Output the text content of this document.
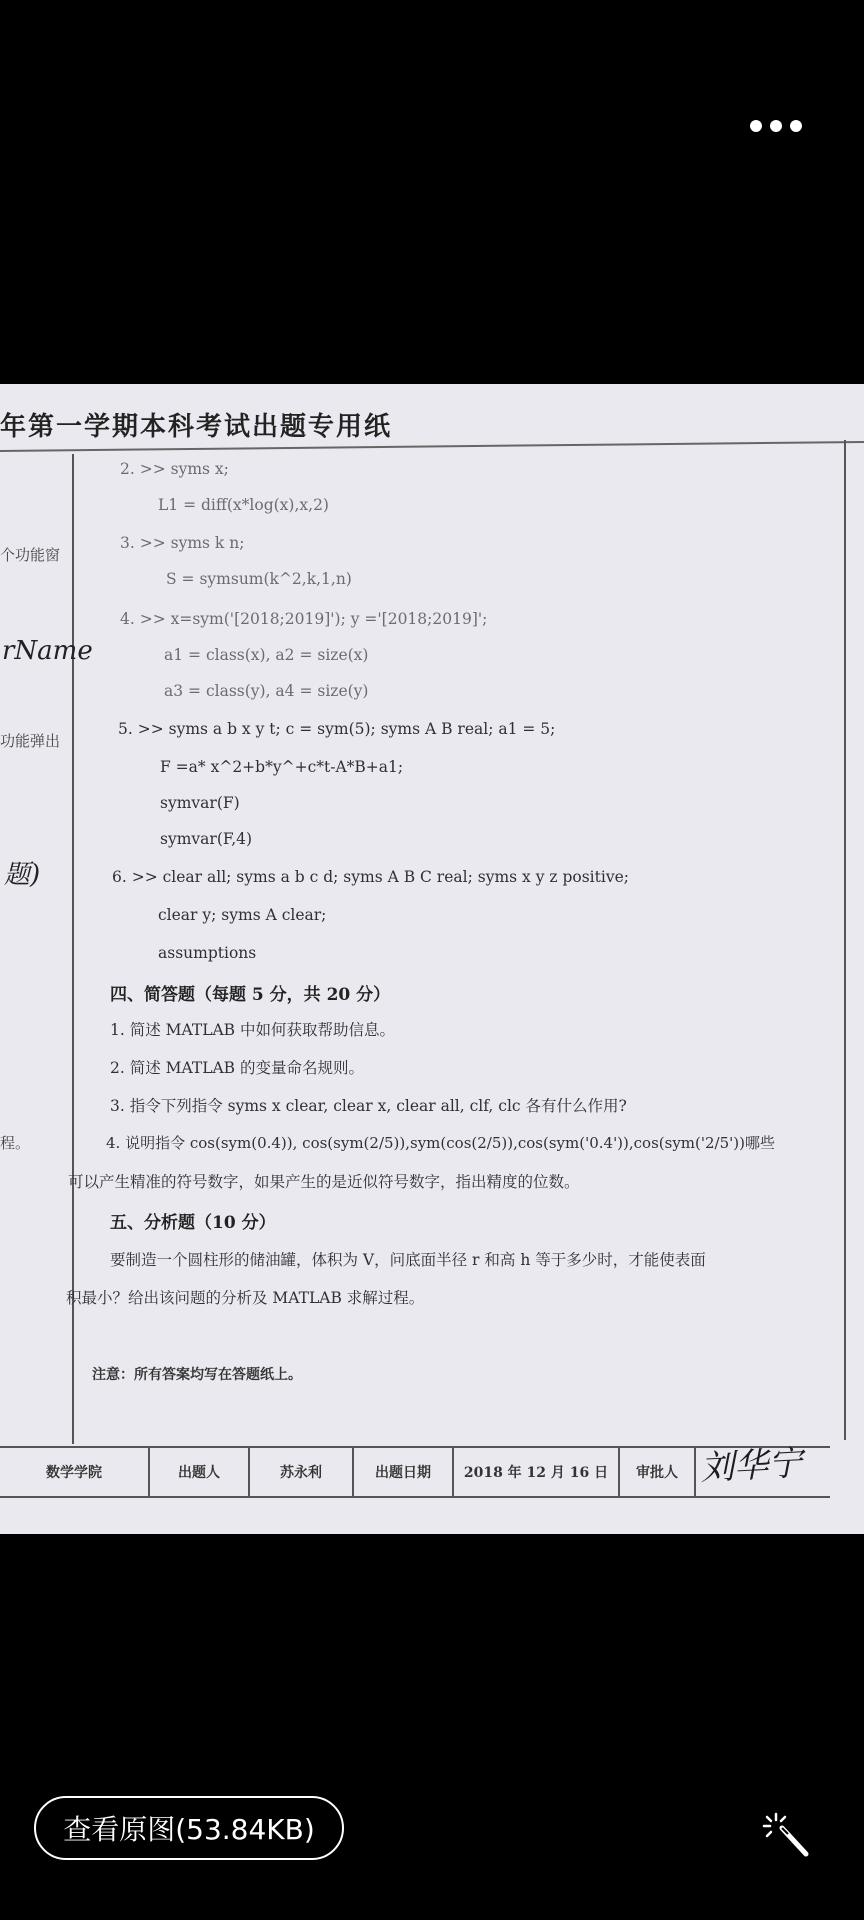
年第一学期本科考试出题专用纸
个功能窗
rName
功能弹出
题)
程。
2. >> syms x;
L1 = diff(x*log(x),x,2)
3. >> syms k n;
S = symsum(k^2,k,1,n)
4. >> x=sym('[2018;2019]'); y ='[2018;2019]';
a1 = class(x), a2 = size(x)
a3 = class(y), a4 = size(y)
5. >> syms a b x y t; c = sym(5); syms A B real; a1 = 5;
F =a* x^2+b*y^+c*t-A*B+a1;
symvar(F)
symvar(F,4)
6. >> clear all; syms a b c d; syms A B C real; syms x y z positive;
clear y; syms A clear;
assumptions
四、简答题（每题 5 分，共 20 分）
1. 简述 MATLAB 中如何获取帮助信息。
2. 简述 MATLAB 的变量命名规则。
3. 指令下列指令 syms x clear, clear x, clear all, clf, clc 各有什么作用?
4. 说明指令 cos(sym(0.4)), cos(sym(2/5)),sym(cos(2/5)),cos(sym('0.4')),cos(sym('2/5'))哪些
可以产生精准的符号数字，如果产生的是近似符号数字，指出精度的位数。
五、分析题（10 分）
要制造一个圆柱形的储油罐，体积为 V，问底面半径 r 和高 h 等于多少时，才能使表面
积最小？给出该问题的分析及 MATLAB 求解过程。
注意：所有答案均写在答题纸上。
数学学院	出题人	苏永利	出题日期	2018 年 12 月 16 日	审批人 刘华宁
查看原图(53.84KB)
